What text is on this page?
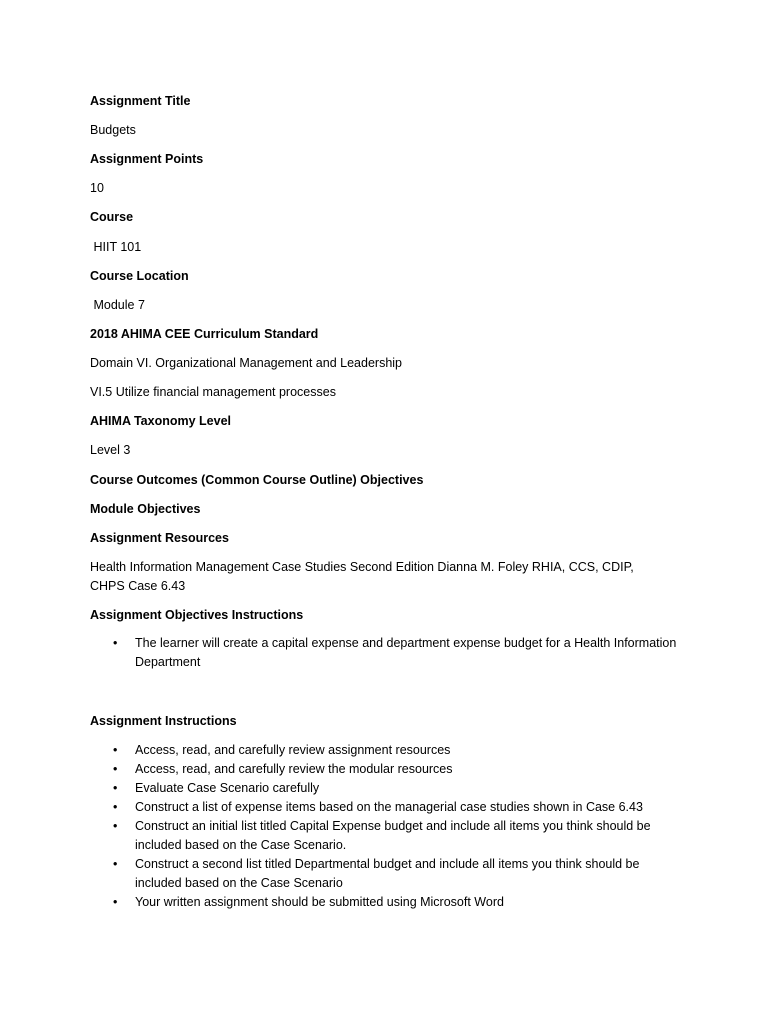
Assignment Title
Budgets
Assignment Points
10
Course
HIIT 101
Course Location
Module 7
2018 AHIMA CEE Curriculum Standard
Domain VI. Organizational Management and Leadership
VI.5 Utilize financial management processes
AHIMA Taxonomy Level
Level 3
Course Outcomes (Common Course Outline) Objectives
Module Objectives
Assignment Resources
Health Information Management Case Studies Second Edition Dianna M. Foley RHIA, CCS, CDIP, CHPS Case 6.43
Assignment Objectives Instructions
• The learner will create a capital expense and department expense budget for a Health Information Department
Assignment Instructions
• Access, read, and carefully review assignment resources
• Access, read, and carefully review the modular resources
• Evaluate Case Scenario carefully
• Construct a list of expense items based on the managerial case studies shown in Case 6.43
• Construct an initial list titled Capital Expense budget and include all items you think should be included based on the Case Scenario.
• Construct a second list titled Departmental budget and include all items you think should be included based on the Case Scenario
• Your written assignment should be submitted using Microsoft Word
